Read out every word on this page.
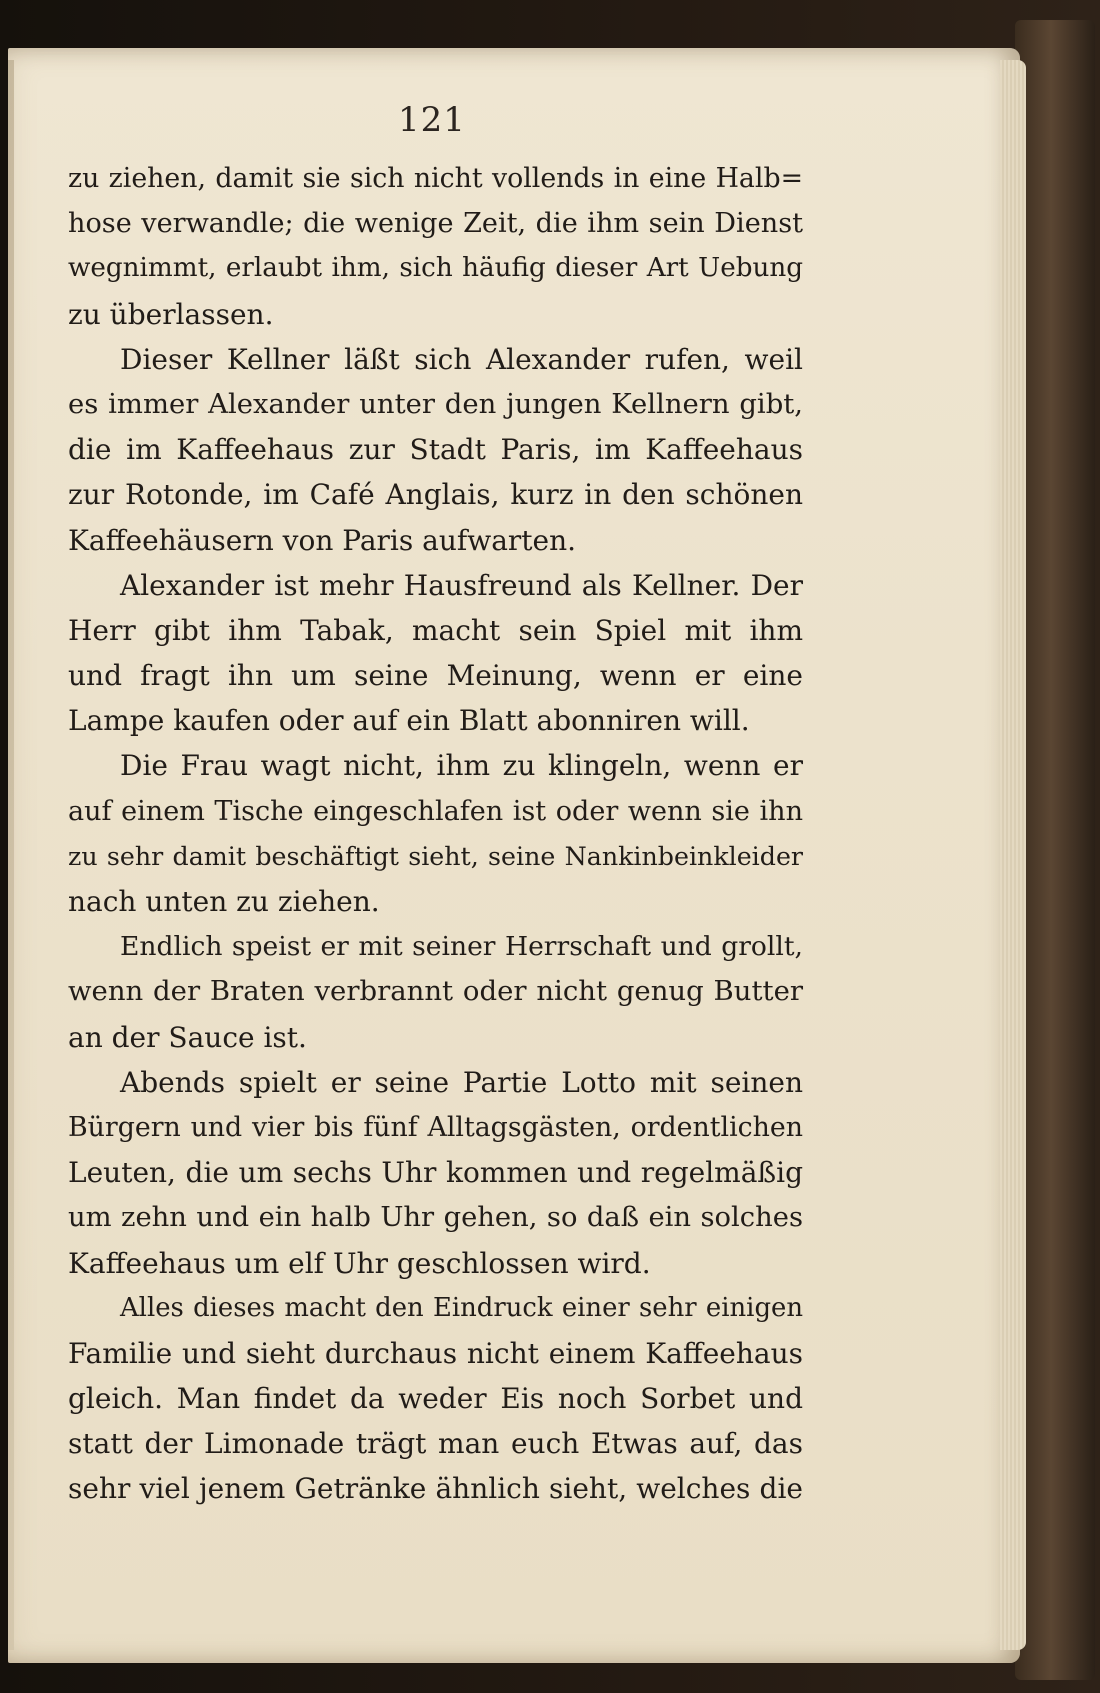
121
zu ziehen, damit sie sich nicht vollends in eine Halb=
hose verwandle; die wenige Zeit, die ihm sein Dienst
wegnimmt, erlaubt ihm, sich häufig dieser Art Uebung
zu überlassen.
Dieser Kellner läßt sich Alexander rufen, weil
es immer Alexander unter den jungen Kellnern gibt,
die im Kaffeehaus zur Stadt Paris, im Kaffeehaus
zur Rotonde, im Café Anglais, kurz in den schönen
Kaffeehäusern von Paris aufwarten.
Alexander ist mehr Hausfreund als Kellner. Der
Herr gibt ihm Tabak, macht sein Spiel mit ihm
und fragt ihn um seine Meinung, wenn er eine
Lampe kaufen oder auf ein Blatt abonniren will.
Die Frau wagt nicht, ihm zu klingeln, wenn er
auf einem Tische eingeschlafen ist oder wenn sie ihn
zu sehr damit beschäftigt sieht, seine Nankinbeinkleider
nach unten zu ziehen.
Endlich speist er mit seiner Herrschaft und grollt,
wenn der Braten verbrannt oder nicht genug Butter
an der Sauce ist.
Abends spielt er seine Partie Lotto mit seinen
Bürgern und vier bis fünf Alltagsgästen, ordentlichen
Leuten, die um sechs Uhr kommen und regelmäßig
um zehn und ein halb Uhr gehen, so daß ein solches
Kaffeehaus um elf Uhr geschlossen wird.
Alles dieses macht den Eindruck einer sehr einigen
Familie und sieht durchaus nicht einem Kaffeehaus
gleich. Man findet da weder Eis noch Sorbet und
statt der Limonade trägt man euch Etwas auf, das
sehr viel jenem Getränke ähnlich sieht, welches die
